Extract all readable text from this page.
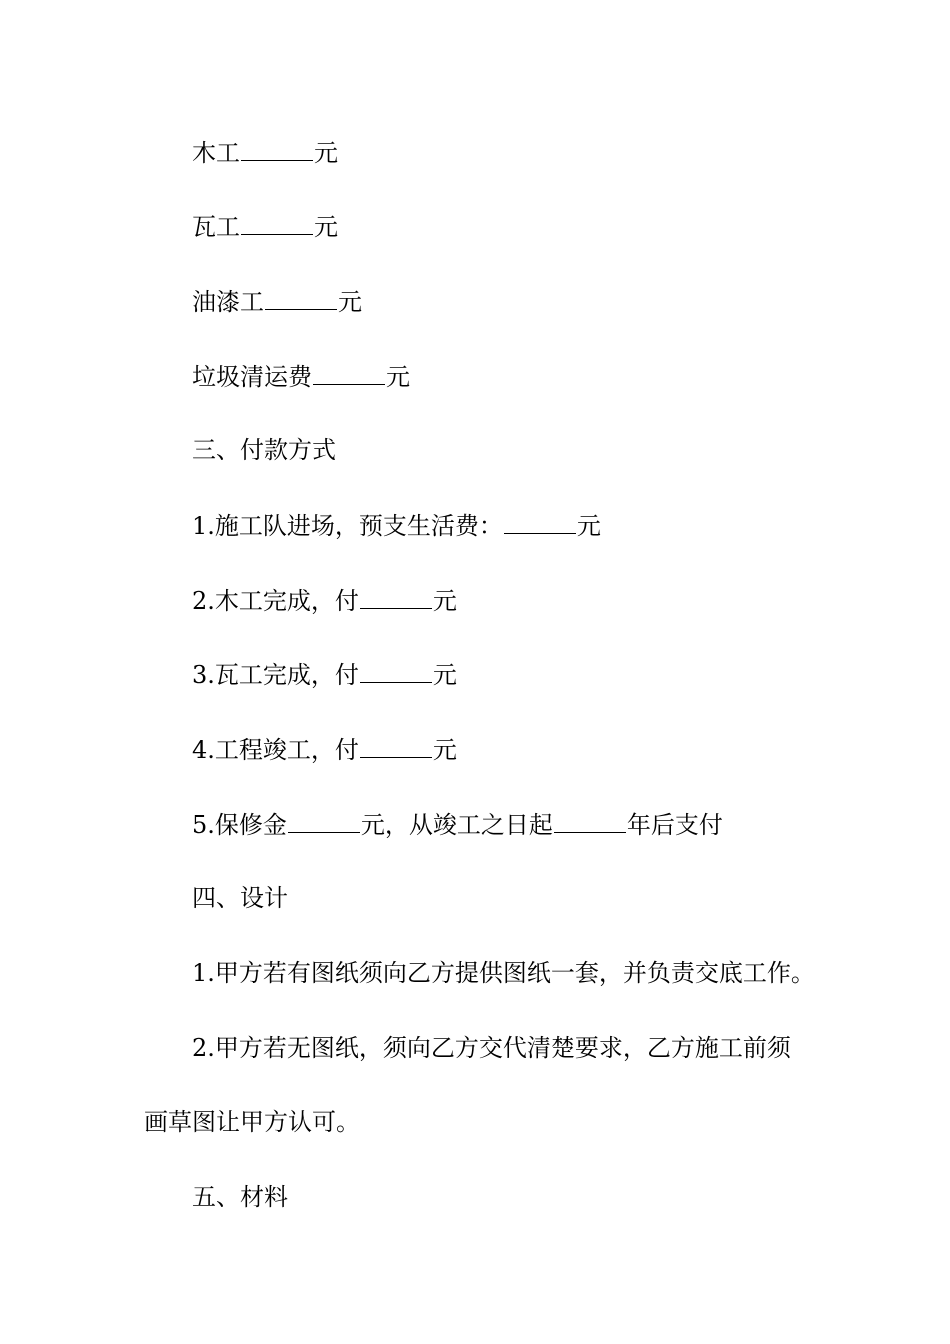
木工	元
瓦工	元
油漆工	元
垃圾清运费	元
三、付款方式
1.施工队进场，预支生活费：	元
2.木工完成，付	元
3.瓦工完成，付	元
4.工程竣工，付	元
5.保修金	元，从竣工之日起	年后支付
四、设计
1.甲方若有图纸须向乙方提供图纸一套，并负责交底工作。
2.甲方若无图纸，须向乙方交代清楚要求，乙方施工前须
画草图让甲方认可。
五、材料
